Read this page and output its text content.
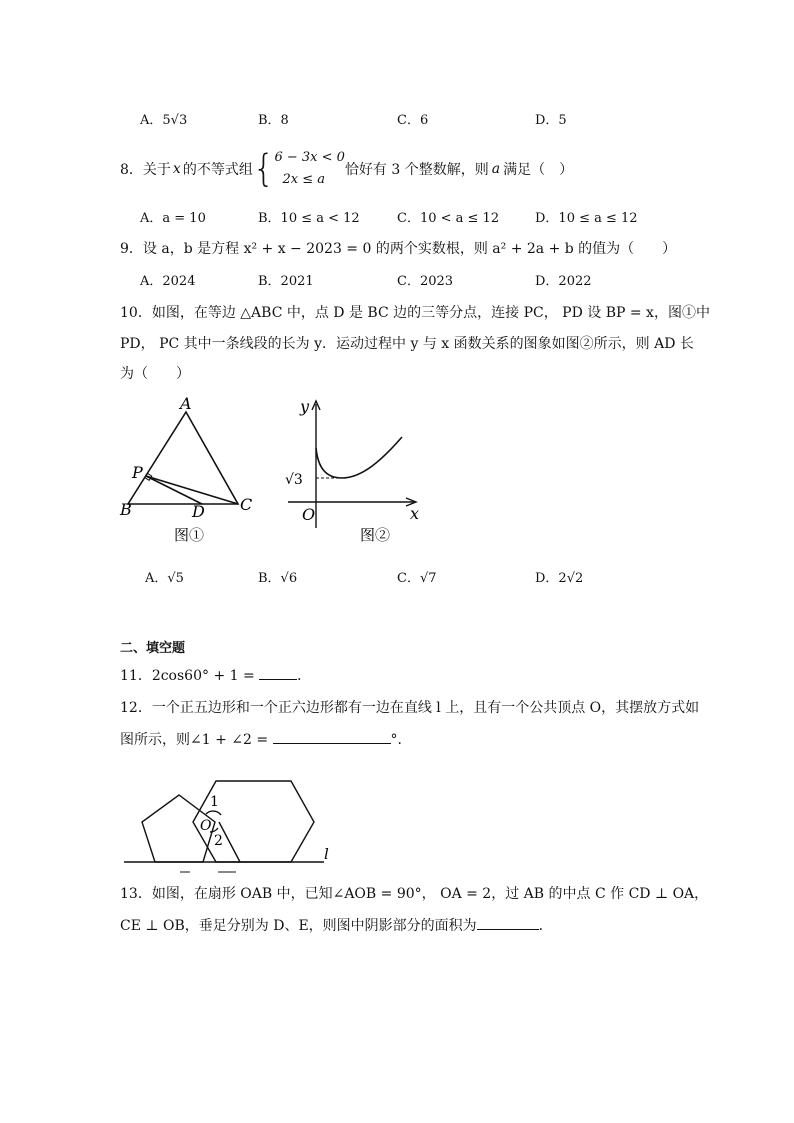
A．5√3	B．8	C．6	D．5
8． 关于 x 的不等式组 { 6 − 3x < 0
2x ≤ a
恰好有 3 个整数解，则 a 满足（　）
A．a = 10	B．10 ≤ a < 12	C．10 < a ≤ 12	D．10 ≤ a ≤ 12
9．设 a，b 是方程 x² + x − 2023 = 0 的两个实数根，则 a² + 2a + b 的值为（　　）
A．2024	B．2021	C．2023	D．2022
10．如图，在等边 △ABC 中，点 D 是 BC 边的三等分点，连接 PC， PD 设 BP = x，图①中
PD， PC 其中一条线段的长为 y．运动过程中 y 与 x 函数关系的图象如图②所示，则 AD 长
为（　　）
A
B	C
D
P
图①
y
x
O
√3
图②
A．√5	B．√6	C．√7	D．2√2
二、填空题
11．2cos60° + 1 =	．
12．一个正五边形和一个正六边形都有一边在直线 l 上，且有一个公共顶点 O，其摆放方式如
图所示，则∠1 + ∠2 =	°．
1
2
O
l
13．如图，在扇形 OAB 中，已知∠AOB = 90°， OA = 2，过 AB 的中点 C 作 CD ⊥ OA，
CE ⊥ OB，垂足分别为 D、E，则图中阴影部分的面积为	．
